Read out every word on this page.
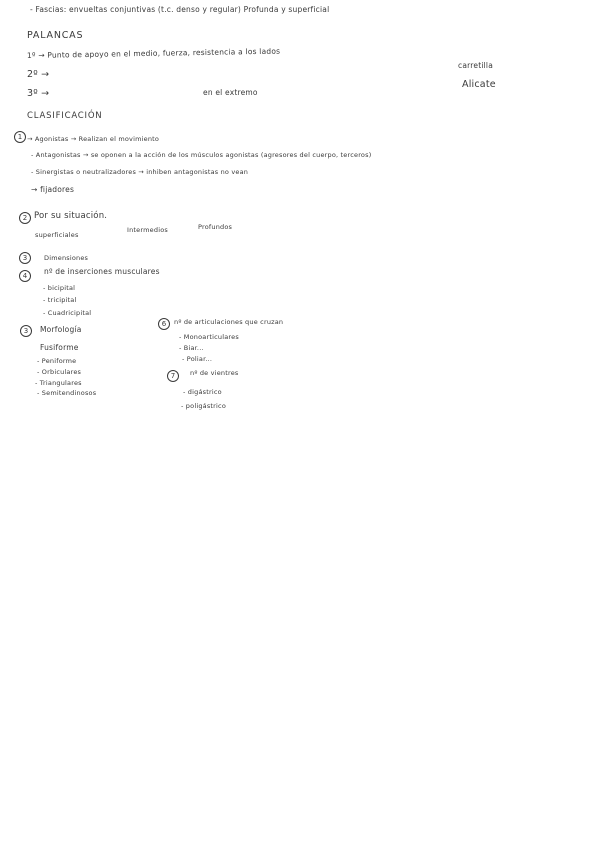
- Fascias: envueltas conjuntivas (t.c. denso y regular) Profunda y superficial
PALANCAS
1º → Punto de apoyo en el medio, fuerza, resistencia a los lados
carretilla
2º →
Alicate
3º →	en el extremo
CLASIFICACIÓN
1 → Agonistas → Realizan el movimiento
- Antagonistas → se oponen a la acción de los músculos agonistas (agresores del cuerpo, terceros)
- Sinergistas o neutralizadores → inhiben antagonistas no vean
→ fijadores
2 Por su situación.
superficiales
Intermedios	Profundos
3	Dimensiones
4	nº de inserciones musculares
- bicipital
- tricipital
- Cuadricipital
3	Morfología
Fusiforme
- Peniforme
- Orbiculares
- Triangulares
- Semitendinosos
6	nº de articulaciones que cruzan
- Monoarticulares
- Biar...
- Poliar...
7	nº de vientres
- digástrico
- poligástrico
